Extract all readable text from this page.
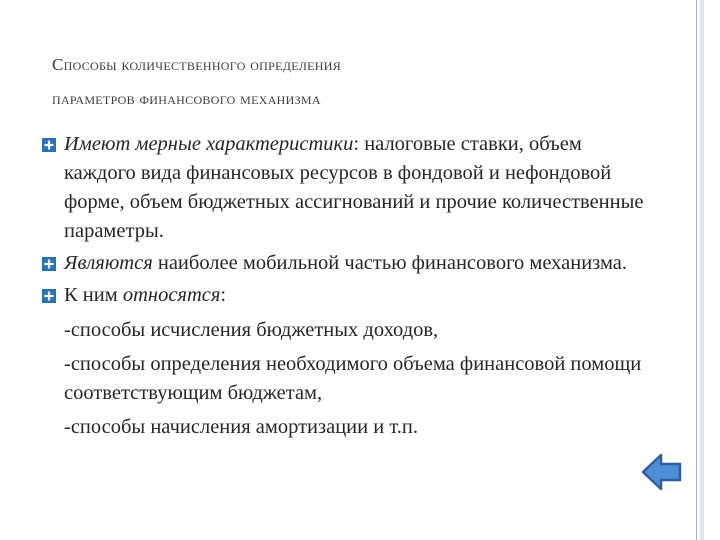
Способы количественного определения
параметров финансового механизма
Имеют мерные характеристики: налоговые ставки, объем каждого вида финансовых ресурсов в фондовой и нефондовой форме, объем бюджетных ассигнований и прочие количественные параметры.
Являются наиболее мобильной частью финансового механизма.
К ним относятся:
-способы исчисления бюджетных доходов,
-способы определения необходимого объема финансовой помощи соответствующим бюджетам,
-способы начисления амортизации и т.п.
